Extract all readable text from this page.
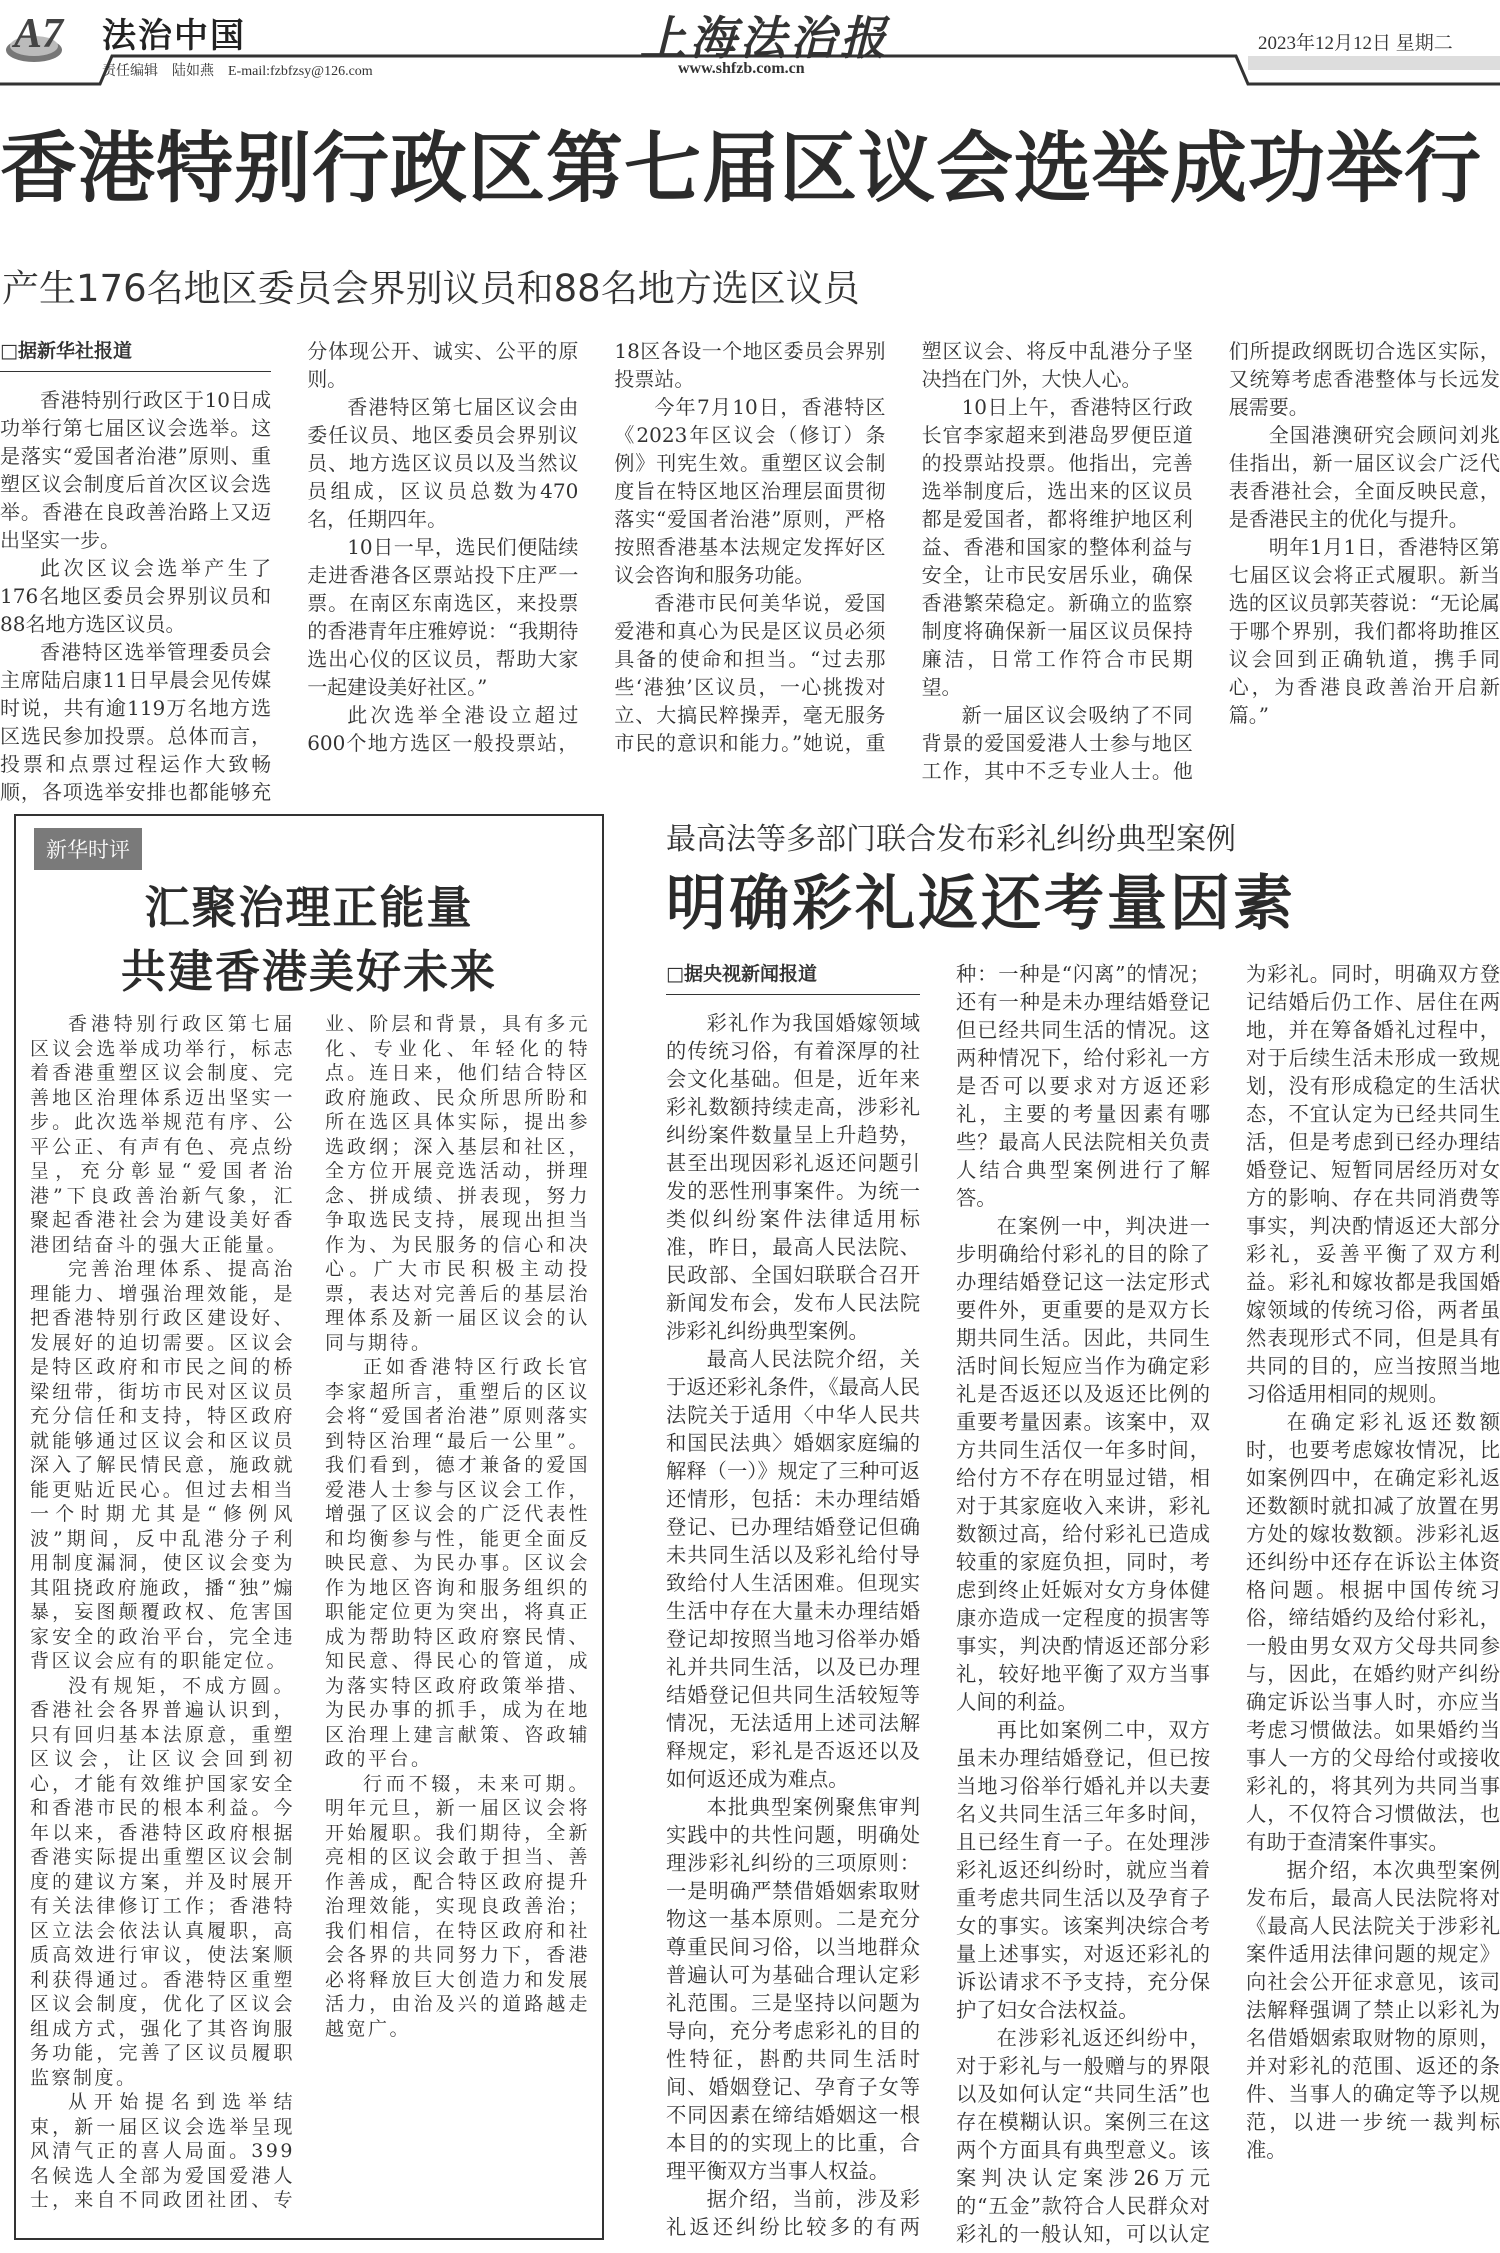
A7 法治中国
责任编辑 陆如燕 E-mail:fzbfzsy@126.com
上海法治报
www.shfzb.com.cn
2023年12月12日 星期二
香港特别行政区第七届区议会选举成功举行
产生176名地区委员会界别议员和88名地方选区议员

□据新华社报道

香港特别行政区于10日成功举行第七届区议会选举。这是落实“爱国者治港”原则、重塑区议会制度后首次区议会选举。香港在良政善治路上又迈出坚实一步。

此次区议会选举产生了176名地区委员会界别议员和88名地方选区议员。

香港特区选举管理委员会主席陆启康11日早晨会见传媒时说，共有逾119万名地方选区选民参加投票。总体而言，投票和点票过程运作大致畅顺，各项选举安排也都能够充分体现公开、诚实、公平的原则。

香港特区第七届区议会由委任议员、地区委员会界别议员、地方选区议员以及当然议员组成，区议员总数为470名，任期四年。

10日一早，选民们便陆续走进香港各区票站投下庄严一票。在南区东南选区，来投票的香港青年庄雅婷说：“我期待选出心仪的区议员，帮助大家一起建设美好社区。”

此次选举全港设立超过600个地方选区一般投票站，18区各设一个地区委员会界别投票站。

今年7月10日，香港特区《2023年区议会（修订）条例》刊宪生效。重塑区议会制度旨在特区地区治理层面贯彻落实“爱国者治港”原则，严格按照香港基本法规定发挥好区议会咨询和服务功能。

香港市民何美华说，爱国爱港和真心为民是区议员必须具备的使命和担当。“过去那些‘港独’区议员，一心挑拨对立、大搞民粹操弄，毫无服务市民的意识和能力。”她说，重塑区议会、将反中乱港分子坚决挡在门外，大快人心。

10日上午，香港特区行政长官李家超来到港岛罗便臣道的投票站投票。他指出，完善选举制度后，选出来的区议员都是爱国者，都将维护地区利益、香港和国家的整体利益与安全，让市民安居乐业，确保香港繁荣稳定。新确立的监察制度将确保新一届区议员保持廉洁，日常工作符合市民期望。

新一届区议会吸纳了不同背景的爱国爱港人士参与地区工作，其中不乏专业人士。他们所提政纲既切合选区实际，又统筹考虑香港整体与长远发展需要。

全国港澳研究会顾问刘兆佳指出，新一届区议会广泛代表香港社会，全面反映民意，是香港民主的优化与提升。

明年1月1日，香港特区第七届区议会将正式履职。新当选的区议员郭芙蓉说：“无论属于哪个界别，我们都将助推区议会回到正确轨道，携手同心，为香港良政善治开启新篇。”

新华时评
汇聚治理正能量
共建香港美好未来

香港特别行政区第七届区议会选举成功举行，标志着香港重塑区议会制度、完善地区治理体系迈出坚实一步。此次选举规范有序、公平公正、有声有色、亮点纷呈，充分彰显“爱国者治港”下良政善治新气象，汇聚起香港社会为建设美好香港团结奋斗的强大正能量。

完善治理体系、提高治理能力、增强治理效能，是把香港特别行政区建设好、发展好的迫切需要。区议会是特区政府和市民之间的桥梁纽带，街坊市民对区议员充分信任和支持，特区政府就能够通过区议会和区议员深入了解民情民意，施政就能更贴近民心。但过去相当一个时期尤其是“修例风波”期间，反中乱港分子利用制度漏洞，使区议会变为其阻挠政府施政，播“独”煽暴，妄图颠覆政权、危害国家安全的政治平台，完全违背区议会应有的职能定位。

没有规矩，不成方圆。香港社会各界普遍认识到，只有回归基本法原意，重塑区议会，让区议会回到初心，才能有效维护国家安全和香港市民的根本利益。今年以来，香港特区政府根据香港实际提出重塑区议会制度的建议方案，并及时展开有关法律修订工作；香港特区立法会依法认真履职，高质高效进行审议，使法案顺利获得通过。香港特区重塑区议会制度，优化了区议会组成方式，强化了其咨询服务功能，完善了区议员履职监察制度。

从开始提名到选举结束，新一届区议会选举呈现风清气正的喜人局面。399名候选人全部为爱国爱港人士，来自不同政团社团、专业、阶层和背景，具有多元化、专业化、年轻化的特点。连日来，他们结合特区政府施政、民众所思所盼和所在选区具体实际，提出参选政纲；深入基层和社区，全方位开展竞选活动，拼理念、拼成绩、拼表现，努力争取选民支持，展现出担当作为、为民服务的信心和决心。广大市民积极主动投票，表达对完善后的基层治理体系及新一届区议会的认同与期待。

正如香港特区行政长官李家超所言，重塑后的区议会将“爱国者治港”原则落实到特区治理“最后一公里”。我们看到，德才兼备的爱国爱港人士参与区议会工作，增强了区议会的广泛代表性和均衡参与性，能更全面反映民意、为民办事。区议会作为地区咨询和服务组织的职能定位更为突出，将真正成为帮助特区政府察民情、知民意、得民心的管道，成为落实特区政府政策举措、为民办事的抓手，成为在地区治理上建言献策、咨政辅政的平台。

行而不辍，未来可期。明年元旦，新一届区议会将开始履职。我们期待，全新亮相的区议会敢于担当、善作善成，配合特区政府提升治理效能，实现良政善治；我们相信，在特区政府和社会各界的共同努力下，香港必将释放巨大创造力和发展活力，由治及兴的道路越走越宽广。

最高法等多部门联合发布彩礼纠纷典型案例
明确彩礼返还考量因素

□据央视新闻报道

彩礼作为我国婚嫁领域的传统习俗，有着深厚的社会文化基础。但是，近年来彩礼数额持续走高，涉彩礼纠纷案件数量呈上升趋势，甚至出现因彩礼返还问题引发的恶性刑事案件。为统一类似纠纷案件法律适用标准，昨日，最高人民法院、民政部、全国妇联联合召开新闻发布会，发布人民法院涉彩礼纠纷典型案例。

最高人民法院介绍，关于返还彩礼条件，《最高人民法院关于适用〈中华人民共和国民法典〉婚姻家庭编的解释（一）》规定了三种可返还情形，包括：未办理结婚登记、已办理结婚登记但确未共同生活以及彩礼给付导致给付人生活困难。但现实生活中存在大量未办理结婚登记却按照当地习俗举办婚礼并共同生活，以及已办理结婚登记但共同生活较短等情况，无法适用上述司法解释规定，彩礼是否返还以及如何返还成为难点。

本批典型案例聚焦审判实践中的共性问题，明确处理涉彩礼纠纷的三项原则：一是明确严禁借婚姻索取财物这一基本原则。二是充分尊重民间习俗，以当地群众普遍认可为基础合理认定彩礼范围。三是坚持以问题为导向，充分考虑彩礼的目的性特征，斟酌共同生活时间、婚姻登记、孕育子女等不同因素在缔结婚姻这一根本目的的实现上的比重，合理平衡双方当事人权益。

据介绍，当前，涉及彩礼返还纠纷比较多的有两种：一种是“闪离”的情况；还有一种是未办理结婚登记但已经共同生活的情况。这两种情况下，给付彩礼一方是否可以要求对方返还彩礼，主要的考量因素有哪些？最高人民法院相关负责人结合典型案例进行了解答。

在案例一中，判决进一步明确给付彩礼的目的除了办理结婚登记这一法定形式要件外，更重要的是双方长期共同生活。因此，共同生活时间长短应当作为确定彩礼是否返还以及返还比例的重要考量因素。该案中，双方共同生活仅一年多时间，给付方不存在明显过错，相对于其家庭收入来讲，彩礼数额过高，给付彩礼已造成较重的家庭负担，同时，考虑到终止妊娠对女方身体健康亦造成一定程度的损害等事实，判决酌情返还部分彩礼，较好地平衡了双方当事人间的利益。

再比如案例二中，双方虽未办理结婚登记，但已按当地习俗举行婚礼并以夫妻名义共同生活三年多时间，且已经生育一子。在处理涉彩礼返还纠纷时，就应当着重考虑共同生活以及孕育子女的事实。该案判决综合考量上述事实，对返还彩礼的诉讼请求不予支持，充分保护了妇女合法权益。

在涉彩礼返还纠纷中，对于彩礼与一般赠与的界限以及如何认定“共同生活”也存在模糊认识。案例三在这两个方面具有典型意义。该案判决认定案涉26万元的“五金”款符合人民群众对彩礼的一般认知，可以认定为彩礼。同时，明确双方登记结婚后仍工作、居住在两地，并在筹备婚礼过程中，对于后续生活未形成一致规划，没有形成稳定的生活状态，不宜认定为已经共同生活，但是考虑到已经办理结婚登记、短暂同居经历对女方的影响、存在共同消费等事实，判决酌情返还大部分彩礼，妥善平衡了双方利益。彩礼和嫁妆都是我国婚嫁领域的传统习俗，两者虽然表现形式不同，但是具有共同的目的，应当按照当地习俗适用相同的规则。

在确定彩礼返还数额时，也要考虑嫁妆情况，比如案例四中，在确定彩礼返还数额时就扣减了放置在男方处的嫁妆数额。涉彩礼返还纠纷中还存在诉讼主体资格问题。根据中国传统习俗，缔结婚约及给付彩礼，一般由男女双方父母共同参与，因此，在婚约财产纠纷确定诉讼当事人时，亦应当考虑习惯做法。如果婚约当事人一方的父母给付或接收彩礼的，将其列为共同当事人，不仅符合习惯做法，也有助于查清案件事实。

据介绍，本次典型案例发布后，最高人民法院将对《最高人民法院关于涉彩礼案件适用法律问题的规定》向社会公开征求意见，该司法解释强调了禁止以彩礼为名借婚姻索取财物的原则，并对彩礼的范围、返还的条件、当事人的确定等予以规范，以进一步统一裁判标准。
